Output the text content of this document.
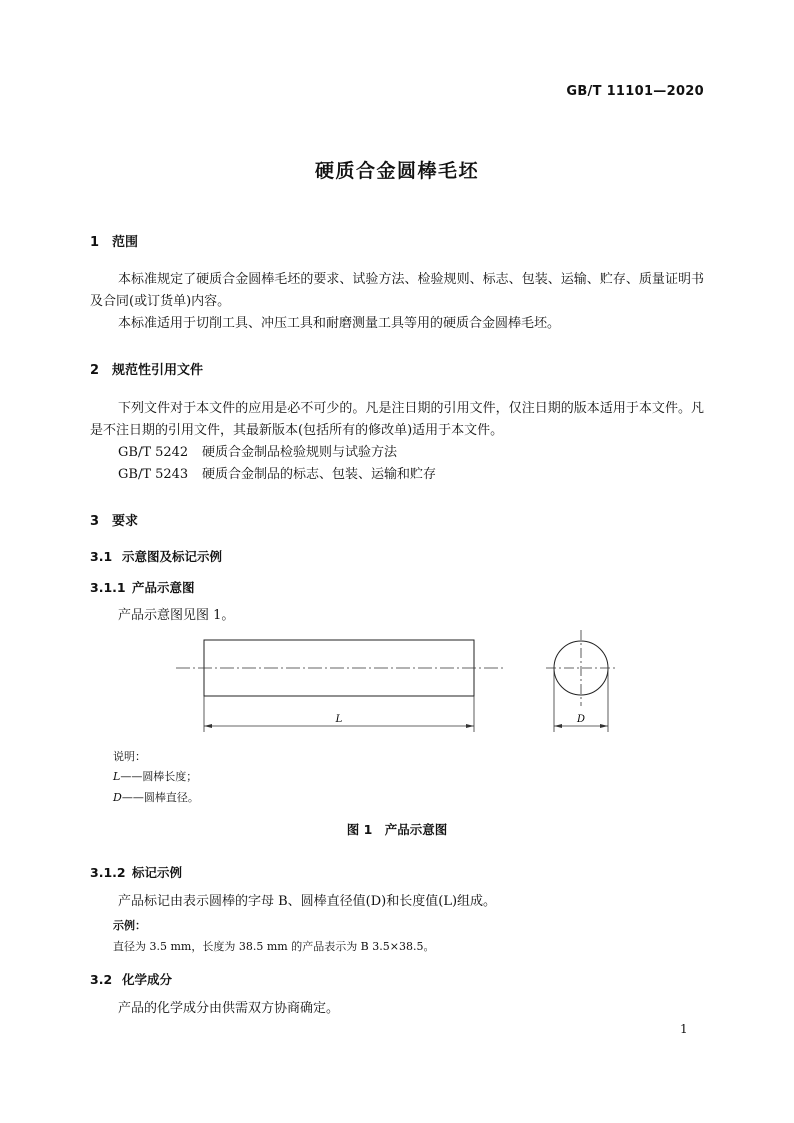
GB/T 11101—2020
硬质合金圆棒毛坯
1 范围

本标准规定了硬质合金圆棒毛坯的要求、试验方法、检验规则、标志、包装、运输、贮存、质量证明书及合同(或订货单)内容。

本标准适用于切削工具、冲压工具和耐磨测量工具等用的硬质合金圆棒毛坯。

2 规范性引用文件

下列文件对于本文件的应用是必不可少的。凡是注日期的引用文件，仅注日期的版本适用于本文件。凡是不注日期的引用文件，其最新版本(包括所有的修改单)适用于本文件。

GB/T 5242 硬质合金制品检验规则与试验方法

GB/T 5243 硬质合金制品的标志、包装、运输和贮存

3 要求
3.1 示意图及标记示例
3.1.1 产品示意图
产品示意图见图 1。
L	D
说明：
L——圆棒长度；
D——圆棒直径。
图 1　产品示意图
3.1.2 标记示例
产品标记由表示圆棒的字母 B、圆棒直径值(D)和长度值(L)组成。
示例：
直径为 3.5 mm，长度为 38.5 mm 的产品表示为 B 3.5×38.5。
3.2 化学成分
产品的化学成分由供需双方协商确定。
1
